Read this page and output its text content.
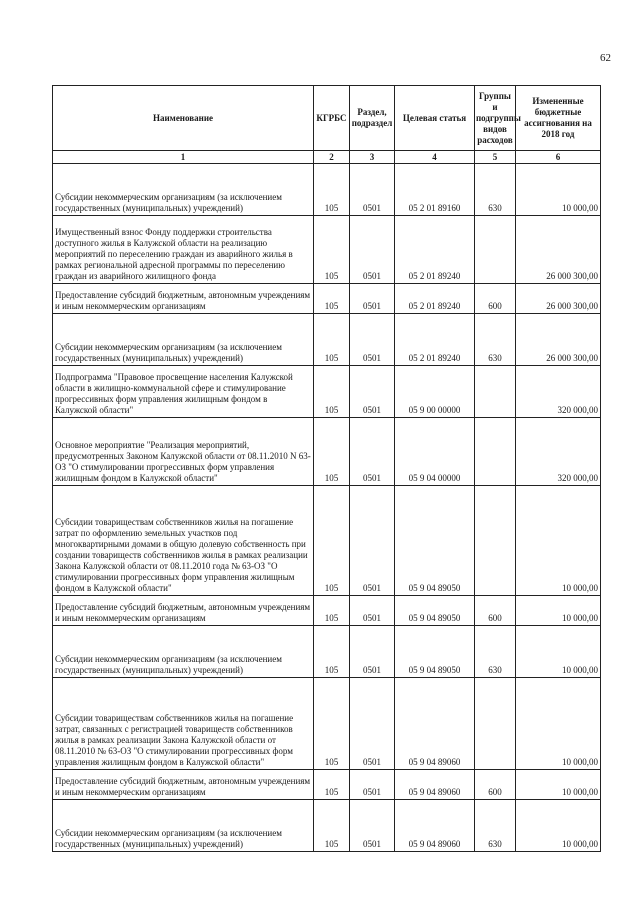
62
Наименование	КГРБС	Раздел, подраздел	Целевая статья	Группы и подгруппы видов расходов	Измененные бюджетные ассигнования на 2018 год
1	2	3	4	5	6
Субсидии некоммерческим организациям (за исключением государственных (муниципальных) учреждений)	105	0501	05 2 01 89160	630	10 000,00
Имущественный взнос Фонду поддержки строительства доступного жилья в Калужской области на реализацию мероприятий по переселению граждан из аварийного жилья в рамках региональной адресной программы по переселению граждан из аварийного жилищного фонда	105	0501	05 2 01 89240		26 000 300,00
Предоставление субсидий бюджетным, автономным учреждениям и иным некоммерческим организациям	105	0501	05 2 01 89240	600	26 000 300,00
Субсидии некоммерческим организациям (за исключением государственных (муниципальных) учреждений)	105	0501	05 2 01 89240	630	26 000 300,00
Подпрограмма "Правовое просвещение населения Калужской области в жилищно-коммунальной сфере и стимулирование прогрессивных форм управления жилищным фондом в Калужской области"	105	0501	05 9 00 00000		320 000,00
Основное мероприятие "Реализация мероприятий, предусмотренных Законом Калужской области от 08.11.2010 N 63-ОЗ "О стимулировании прогрессивных форм управления жилищным фондом в Калужской области"	105	0501	05 9 04 00000		320 000,00
Субсидии товариществам собственников жилья на погашение затрат по оформлению земельных участков под многоквартирными домами в общую долевую собственность при создании товариществ собственников жилья в рамках реализации Закона Калужской области от 08.11.2010 года № 63-ОЗ "О стимулировании прогрессивных форм управления жилищным фондом в Калужской области"	105	0501	05 9 04 89050		10 000,00
Предоставление субсидий бюджетным, автономным учреждениям и иным некоммерческим организациям	105	0501	05 9 04 89050	600	10 000,00
Субсидии некоммерческим организациям (за исключением государственных (муниципальных) учреждений)	105	0501	05 9 04 89050	630	10 000,00
Субсидии товариществам собственников жилья на погашение затрат, связанных с регистрацией товариществ собственников жилья в рамках реализации Закона Калужской области от 08.11.2010 № 63-ОЗ "О стимулировании прогрессивных форм управления жилищным фондом в Калужской области"	105	0501	05 9 04 89060		10 000,00
Предоставление субсидий бюджетным, автономным учреждениям и иным некоммерческим организациям	105	0501	05 9 04 89060	600	10 000,00
Субсидии некоммерческим организациям (за исключением государственных (муниципальных) учреждений)	105	0501	05 9 04 89060	630	10 000,00
